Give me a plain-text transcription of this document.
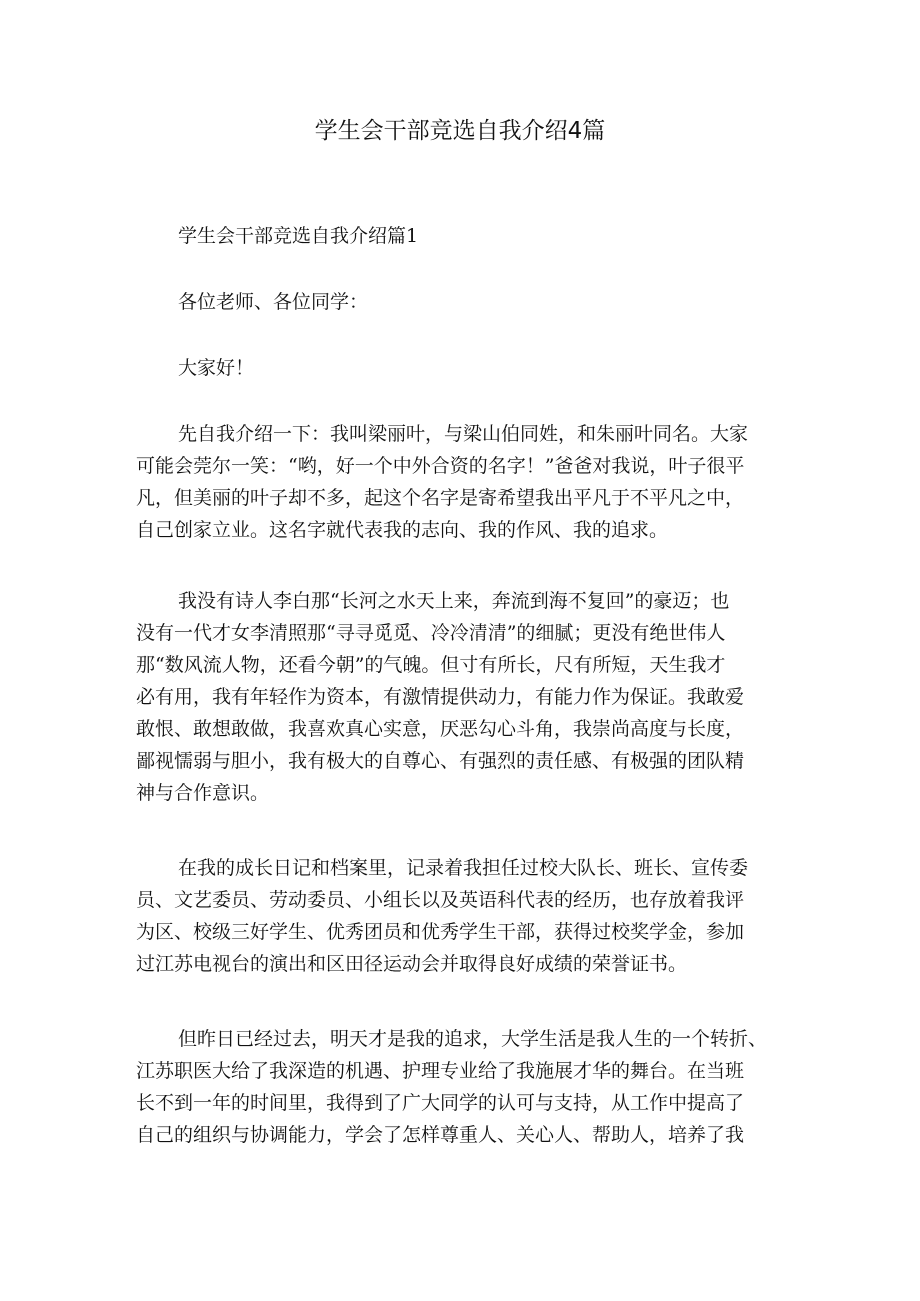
学生会干部竞选自我介绍4篇

学生会干部竞选自我介绍篇1

各位老师、各位同学：

大家好！

先自我介绍一下：我叫梁丽叶，与梁山伯同姓，和朱丽叶同名。大家
可能会莞尔一笑：“哟，好一个中外合资的名字！”爸爸对我说，叶子很平
凡，但美丽的叶子却不多，起这个名字是寄希望我出平凡于不平凡之中，
自己创家立业。这名字就代表我的志向、我的作风、我的追求。

我没有诗人李白那“长河之水天上来，奔流到海不复回”的豪迈；也
没有一代才女李清照那“寻寻觅觅、冷冷清清”的细腻；更没有绝世伟人
那“数风流人物，还看今朝”的气魄。但寸有所长，尺有所短，天生我才
必有用，我有年轻作为资本，有激情提供动力，有能力作为保证。我敢爱
敢恨、敢想敢做，我喜欢真心实意，厌恶勾心斗角，我崇尚高度与长度，
鄙视懦弱与胆小，我有极大的自尊心、有强烈的责任感、有极强的团队精
神与合作意识。

在我的成长日记和档案里，记录着我担任过校大队长、班长、宣传委
员、文艺委员、劳动委员、小组长以及英语科代表的经历，也存放着我评
为区、校级三好学生、优秀团员和优秀学生干部，获得过校奖学金，参加
过江苏电视台的演出和区田径运动会并取得良好成绩的荣誉证书。

但昨日已经过去，明天才是我的追求，大学生活是我人生的一个转折、
江苏职医大给了我深造的机遇、护理专业给了我施展才华的舞台。在当班
长不到一年的时间里，我得到了广大同学的认可与支持，从工作中提高了
自己的组织与协调能力，学会了怎样尊重人、关心人、帮助人，培养了我
